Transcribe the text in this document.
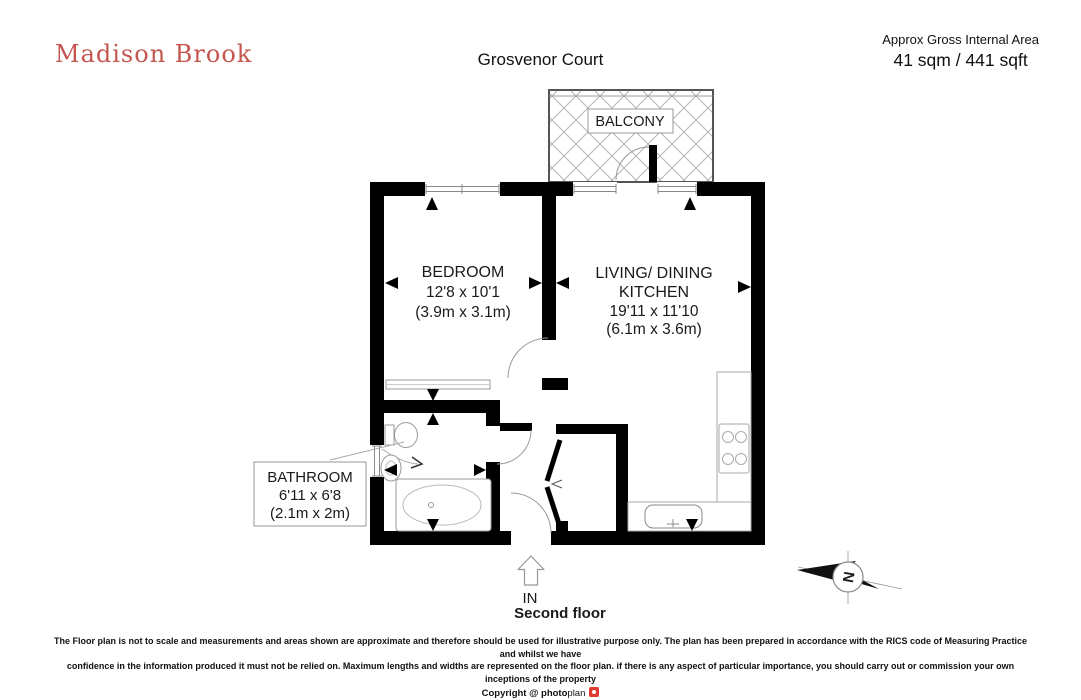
Madison Brook	Grosvenor Court
Approx Gross Internal Area
41 sqm / 441 sqft
BALCONY
BEDROOM
12'8 x 10'1
(3.9m x 3.1m)
LIVING/ DINING
KITCHEN
19'11 x 11'10
(6.1m x 3.6m)
BATHROOM
6'11 x 6'8
(2.1m x 2m)
IN
Second floor
N
The Floor plan is not to scale and measurements and areas shown are approximate and therefore should be used for illustrative purpose only. The plan has been prepared in accordance with the RICS code of Measuring Practice and whilst we have
confidence in the information produced it must not be relied on. Maximum lengths and widths are represented on the floor plan. if there is any aspect of particular importance, you should carry out or commission your own inceptions of the property
Copyright @ photoplan
